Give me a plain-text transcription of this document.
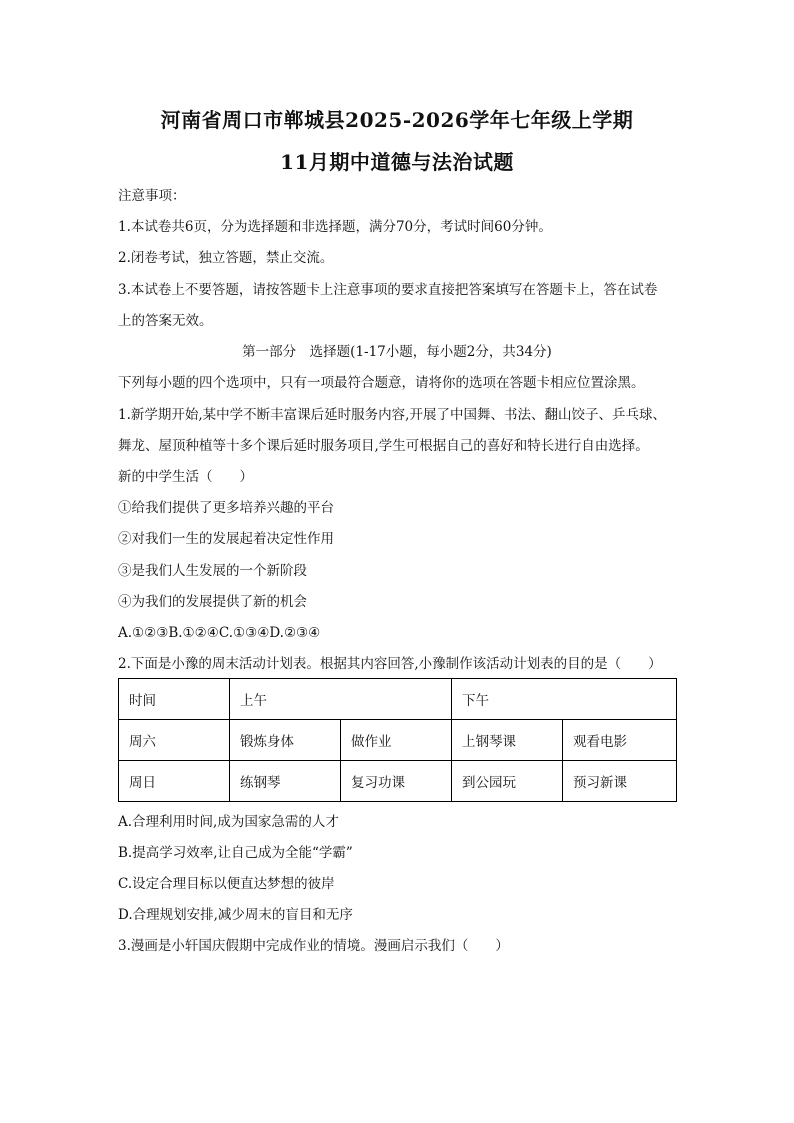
河南省周口市郸城县2025-2026学年七年级上学期
11月期中道德与法治试题
注意事项：
1.本试卷共6页，分为选择题和非选择题，满分70分，考试时间60分钟。
2.闭卷考试，独立答题，禁止交流。
3.本试卷上不要答题，请按答题卡上注意事项的要求直接把答案填写在答题卡上，答在试卷
上的答案无效。
第一部分　选择题(1-17小题，每小题2分，共34分)
下列每小题的四个选项中，只有一项最符合题意，请将你的选项在答题卡相应位置涂黑。
1.新学期开始,某中学不断丰富课后延时服务内容,开展了中国舞、书法、翻山饺子、乒乓球、
舞龙、屋顶种植等十多个课后延时服务项目,学生可根据自己的喜好和特长进行自由选择。
新的中学生活（　　）
①给我们提供了更多培养兴趣的平台
②对我们一生的发展起着决定性作用
③是我们人生发展的一个新阶段
④为我们的发展提供了新的机会
A.①②③B.①②④C.①③④D.②③④
2.下面是小豫的周末活动计划表。根据其内容回答,小豫制作该活动计划表的目的是（　　）
时间	上午		下午	
周六	锻炼身体	做作业	上钢琴课	观看电影
周日	练钢琴	复习功课	到公园玩	预习新课
A.合理利用时间,成为国家急需的人才
B.提高学习效率,让自己成为全能“学霸”
C.设定合理目标以便直达梦想的彼岸
D.合理规划安排,减少周末的盲目和无序
3.漫画是小轩国庆假期中完成作业的情境。漫画启示我们（　　）
